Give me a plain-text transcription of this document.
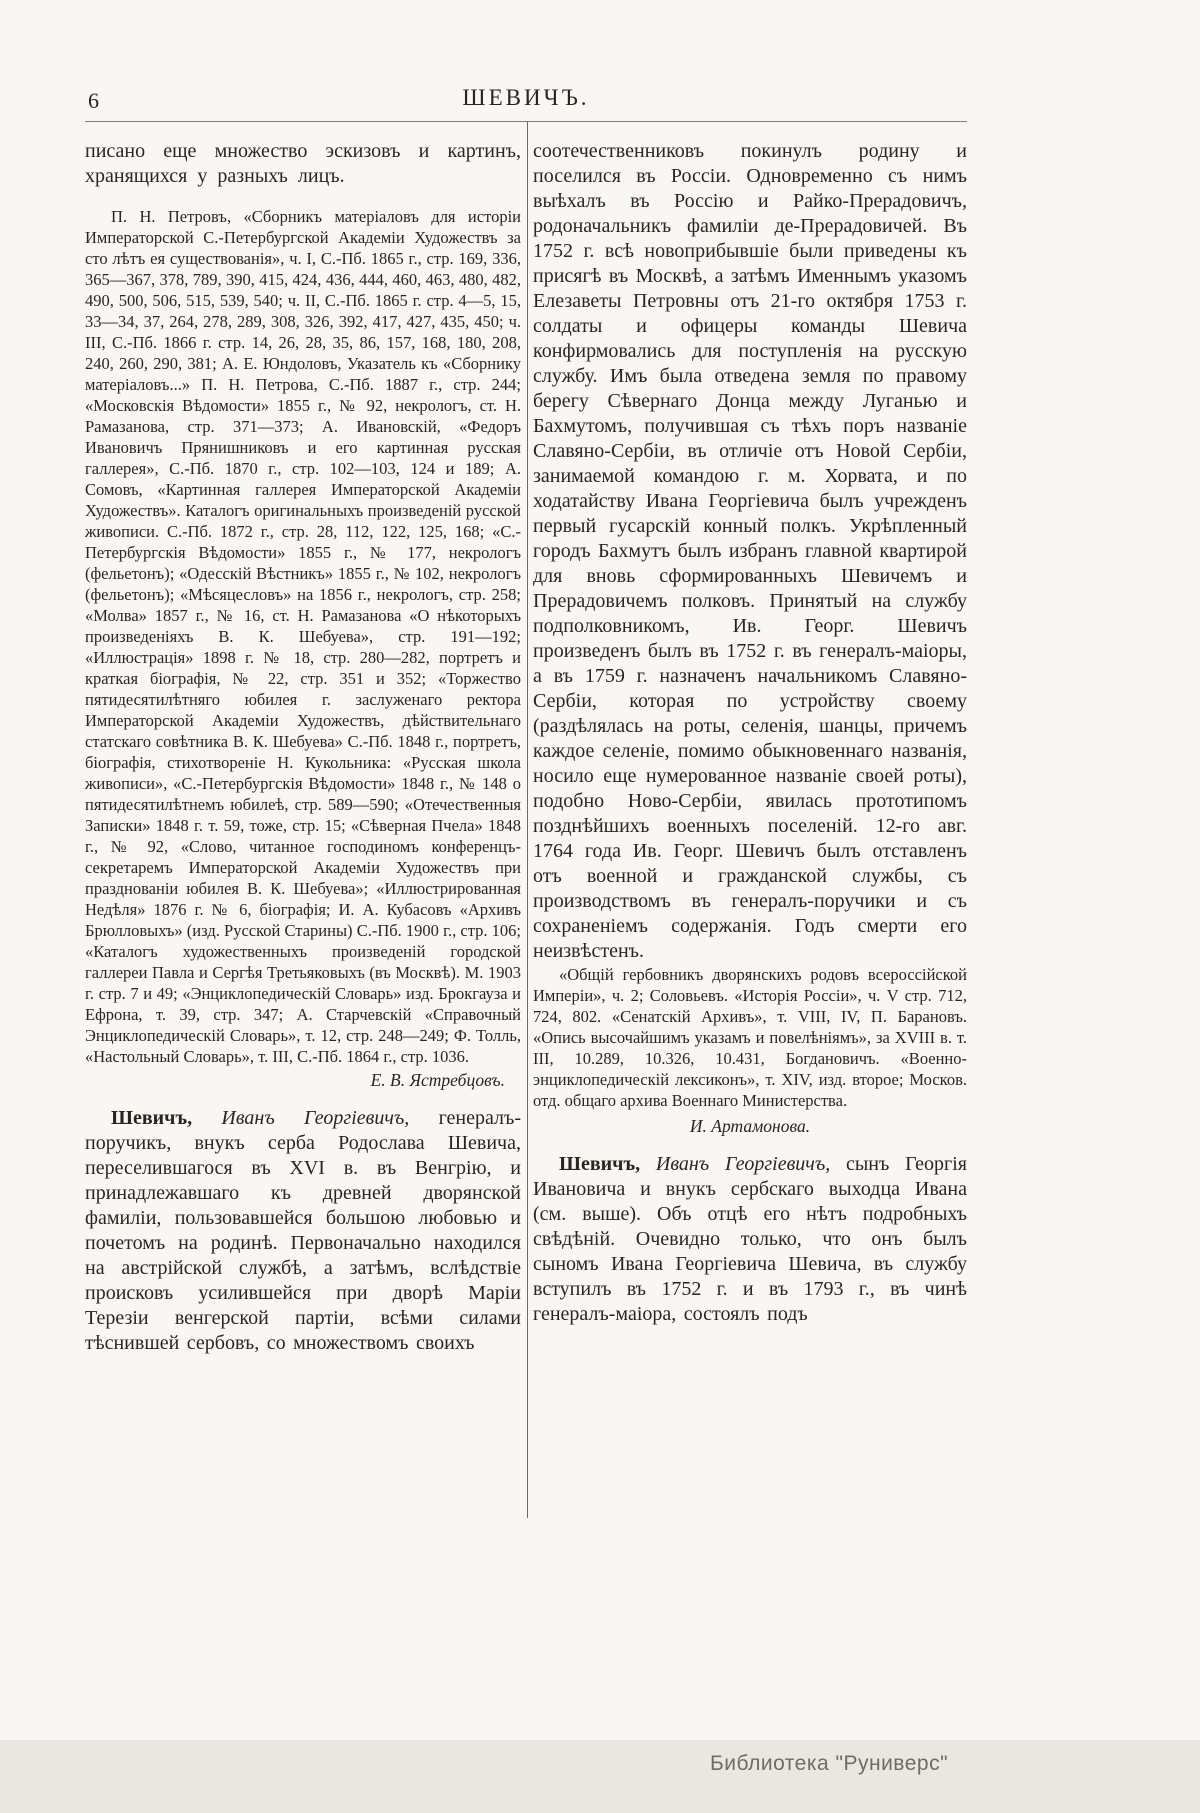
6	ШЕВИЧЪ.

писано еще множество эскизовъ и картинъ, хранящихся у разныхъ лицъ.

П. Н. Петровъ, «Сборникъ матеріаловъ для исторіи Императорской С.-Петербургской Академіи Художествъ за сто лѣтъ ея существованія», ч. I, С.-Пб. 1865 г., стр. 169, 336, 365—367, 378, 789, 390, 415, 424, 436, 444, 460, 463, 480, 482, 490, 500, 506, 515, 539, 540; ч. II, С.-Пб. 1865 г. стр. 4—5, 15, 33—34, 37, 264, 278, 289, 308, 326, 392, 417, 427, 435, 450; ч. III, С.-Пб. 1866 г. стр. 14, 26, 28, 35, 86, 157, 168, 180, 208, 240, 260, 290, 381; А. Е. Юндоловъ, Указатель къ «Сборнику матеріаловъ...» П. Н. Петрова, С.-Пб. 1887 г., стр. 244; «Московскія Вѣдомости» 1855 г., № 92, некрологъ, ст. Н. Рамазанова, стр. 371—373; А. Ивановскій, «Федоръ Ивановичъ Прянишниковъ и его картинная русская галлерея», С.-Пб. 1870 г., стр. 102—103, 124 и 189; А. Сомовъ, «Картинная галлерея Императорской Академіи Художествъ». Каталогъ оригинальныхъ произведеній русской живописи. С.-Пб. 1872 г., стр. 28, 112, 122, 125, 168; «С.-Петербургскія Вѣдомости» 1855 г., № 177, некрологъ (фельетонъ); «Одесскій Вѣстникъ» 1855 г., № 102, некрологъ (фельетонъ); «Мѣсяцесловъ» на 1856 г., некрологъ, стр. 258; «Молва» 1857 г., № 16, ст. Н. Рамазанова «О нѣкоторыхъ произведеніяхъ В. К. Шебуева», стр. 191—192; «Иллюстрація» 1898 г. № 18, стр. 280—282, портретъ и краткая біографія, № 22, стр. 351 и 352; «Торжество пятидесятилѣтняго юбилея г. заслуженаго ректора Императорской Академіи Художествъ, дѣйствительнаго статскаго совѣтника В. К. Шебуева» С.-Пб. 1848 г., портретъ, біографія, стихотвореніе Н. Кукольника: «Русская школа живописи», «С.-Петербургскія Вѣдомости» 1848 г., № 148 о пятидесятилѣтнемъ юбилеѣ, стр. 589—590; «Отечественныя Записки» 1848 г. т. 59, тоже, стр. 15; «Сѣверная Пчела» 1848 г., № 92, «Слово, читанное господиномъ конференцъ-секретаремъ Императорской Академіи Художествъ при празднованіи юбилея В. К. Шебуева»; «Иллюстрированная Недѣля» 1876 г. № 6, біографія; И. А. Кубасовъ «Архивъ Брюлловыхъ» (изд. Русской Старины) С.-Пб. 1900 г., стр. 106; «Каталогъ художественныхъ произведеній городской галлереи Павла и Сергѣя Третьяковыхъ (въ Москвѣ). М. 1903 г. стр. 7 и 49; «Энциклопедическій Словарь» изд. Брокгауза и Ефрона, т. 39, стр. 347; А. Старчевскій «Справочный Энциклопедическій Словарь», т. 12, стр. 248—249; Ф. Толль, «Настольный Словарь», т. III, С.-Пб. 1864 г., стр. 1036.

Е. В. Ястребцовъ.

Шевичъ, Иванъ Георгіевичъ, генералъ-поручикъ, внукъ серба Родослава Шевича, переселившагося въ XVI в. въ Венгрію, и принадлежавшаго къ древней дворянской фамиліи, пользовавшейся большою любовью и почетомъ на родинѣ. Первоначально находился на австрійской службѣ, а затѣмъ, вслѣдствіе происковъ усилившейся при дворѣ Маріи Терезіи венгерской партіи, всѣми силами тѣснившей сербовъ, со множествомъ своихъ

соотечественниковъ покинулъ родину и поселился въ Россіи. Одновременно съ нимъ выѣхалъ въ Россію и Райко-Прерадовичъ, родоначальникъ фамиліи де-Прерадовичей. Въ 1752 г. всѣ новоприбывшіе были приведены къ присягѣ въ Москвѣ, а затѣмъ Именнымъ указомъ Елезаветы Петровны отъ 21-го октября 1753 г. солдаты и офицеры команды Шевича конфирмовались для поступленія на русскую службу. Имъ была отведена земля по правому берегу Сѣвернаго Донца между Луганью и Бахмутомъ, получившая съ тѣхъ поръ названіе Славяно-Сербіи, въ отличіе отъ Новой Сербіи, занимаемой командою г. м. Хорвата, и по ходатайству Ивана Георгіевича былъ учрежденъ первый гусарскій конный полкъ. Укрѣпленный городъ Бахмутъ былъ избранъ главной квартирой для вновь сформированныхъ Шевичемъ и Прерадовичемъ полковъ. Принятый на службу подполковникомъ, Ив. Георг. Шевичъ произведенъ былъ въ 1752 г. въ генералъ-маіоры, а въ 1759 г. назначенъ начальникомъ Славяно-Сербіи, которая по устройству своему (раздѣлялась на роты, селенія, шанцы, причемъ каждое селеніе, помимо обыкновеннаго названія, носило еще нумерованное названіе своей роты), подобно Ново-Сербіи, явилась прототипомъ позднѣйшихъ военныхъ поселеній. 12-го авг. 1764 года Ив. Георг. Шевичъ былъ отставленъ отъ военной и гражданской службы, съ производствомъ въ генералъ-поручики и съ сохраненіемъ содержанія. Годъ смерти его неизвѣстенъ.

«Общій гербовникъ дворянскихъ родовъ всероссійской Имперіи», ч. 2; Соловьевъ. «Исторія Россіи», ч. V стр. 712, 724, 802. «Сенатскій Архивъ», т. VIII, IV, П. Барановъ. «Опись высочайшимъ указамъ и повелѣніямъ», за XVIII в. т. III, 10.289, 10.326, 10.431, Богдановичъ. «Военно-энциклопедическій лексиконъ», т. XIV, изд. второе; Москов. отд. общаго архива Военнаго Министерства.

И. Артамонова.

Шевичъ, Иванъ Георгіевичъ, сынъ Георгія Ивановича и внукъ сербскаго выходца Ивана (см. выше). Объ отцѣ его нѣтъ подробныхъ свѣдѣній. Очевидно только, что онъ былъ сыномъ Ивана Георгіевича Шевича, въ службу вступилъ въ 1752 г. и въ 1793 г., въ чинѣ генералъ-маіора, состоялъ подъ

Библиотека "Руниверс"
